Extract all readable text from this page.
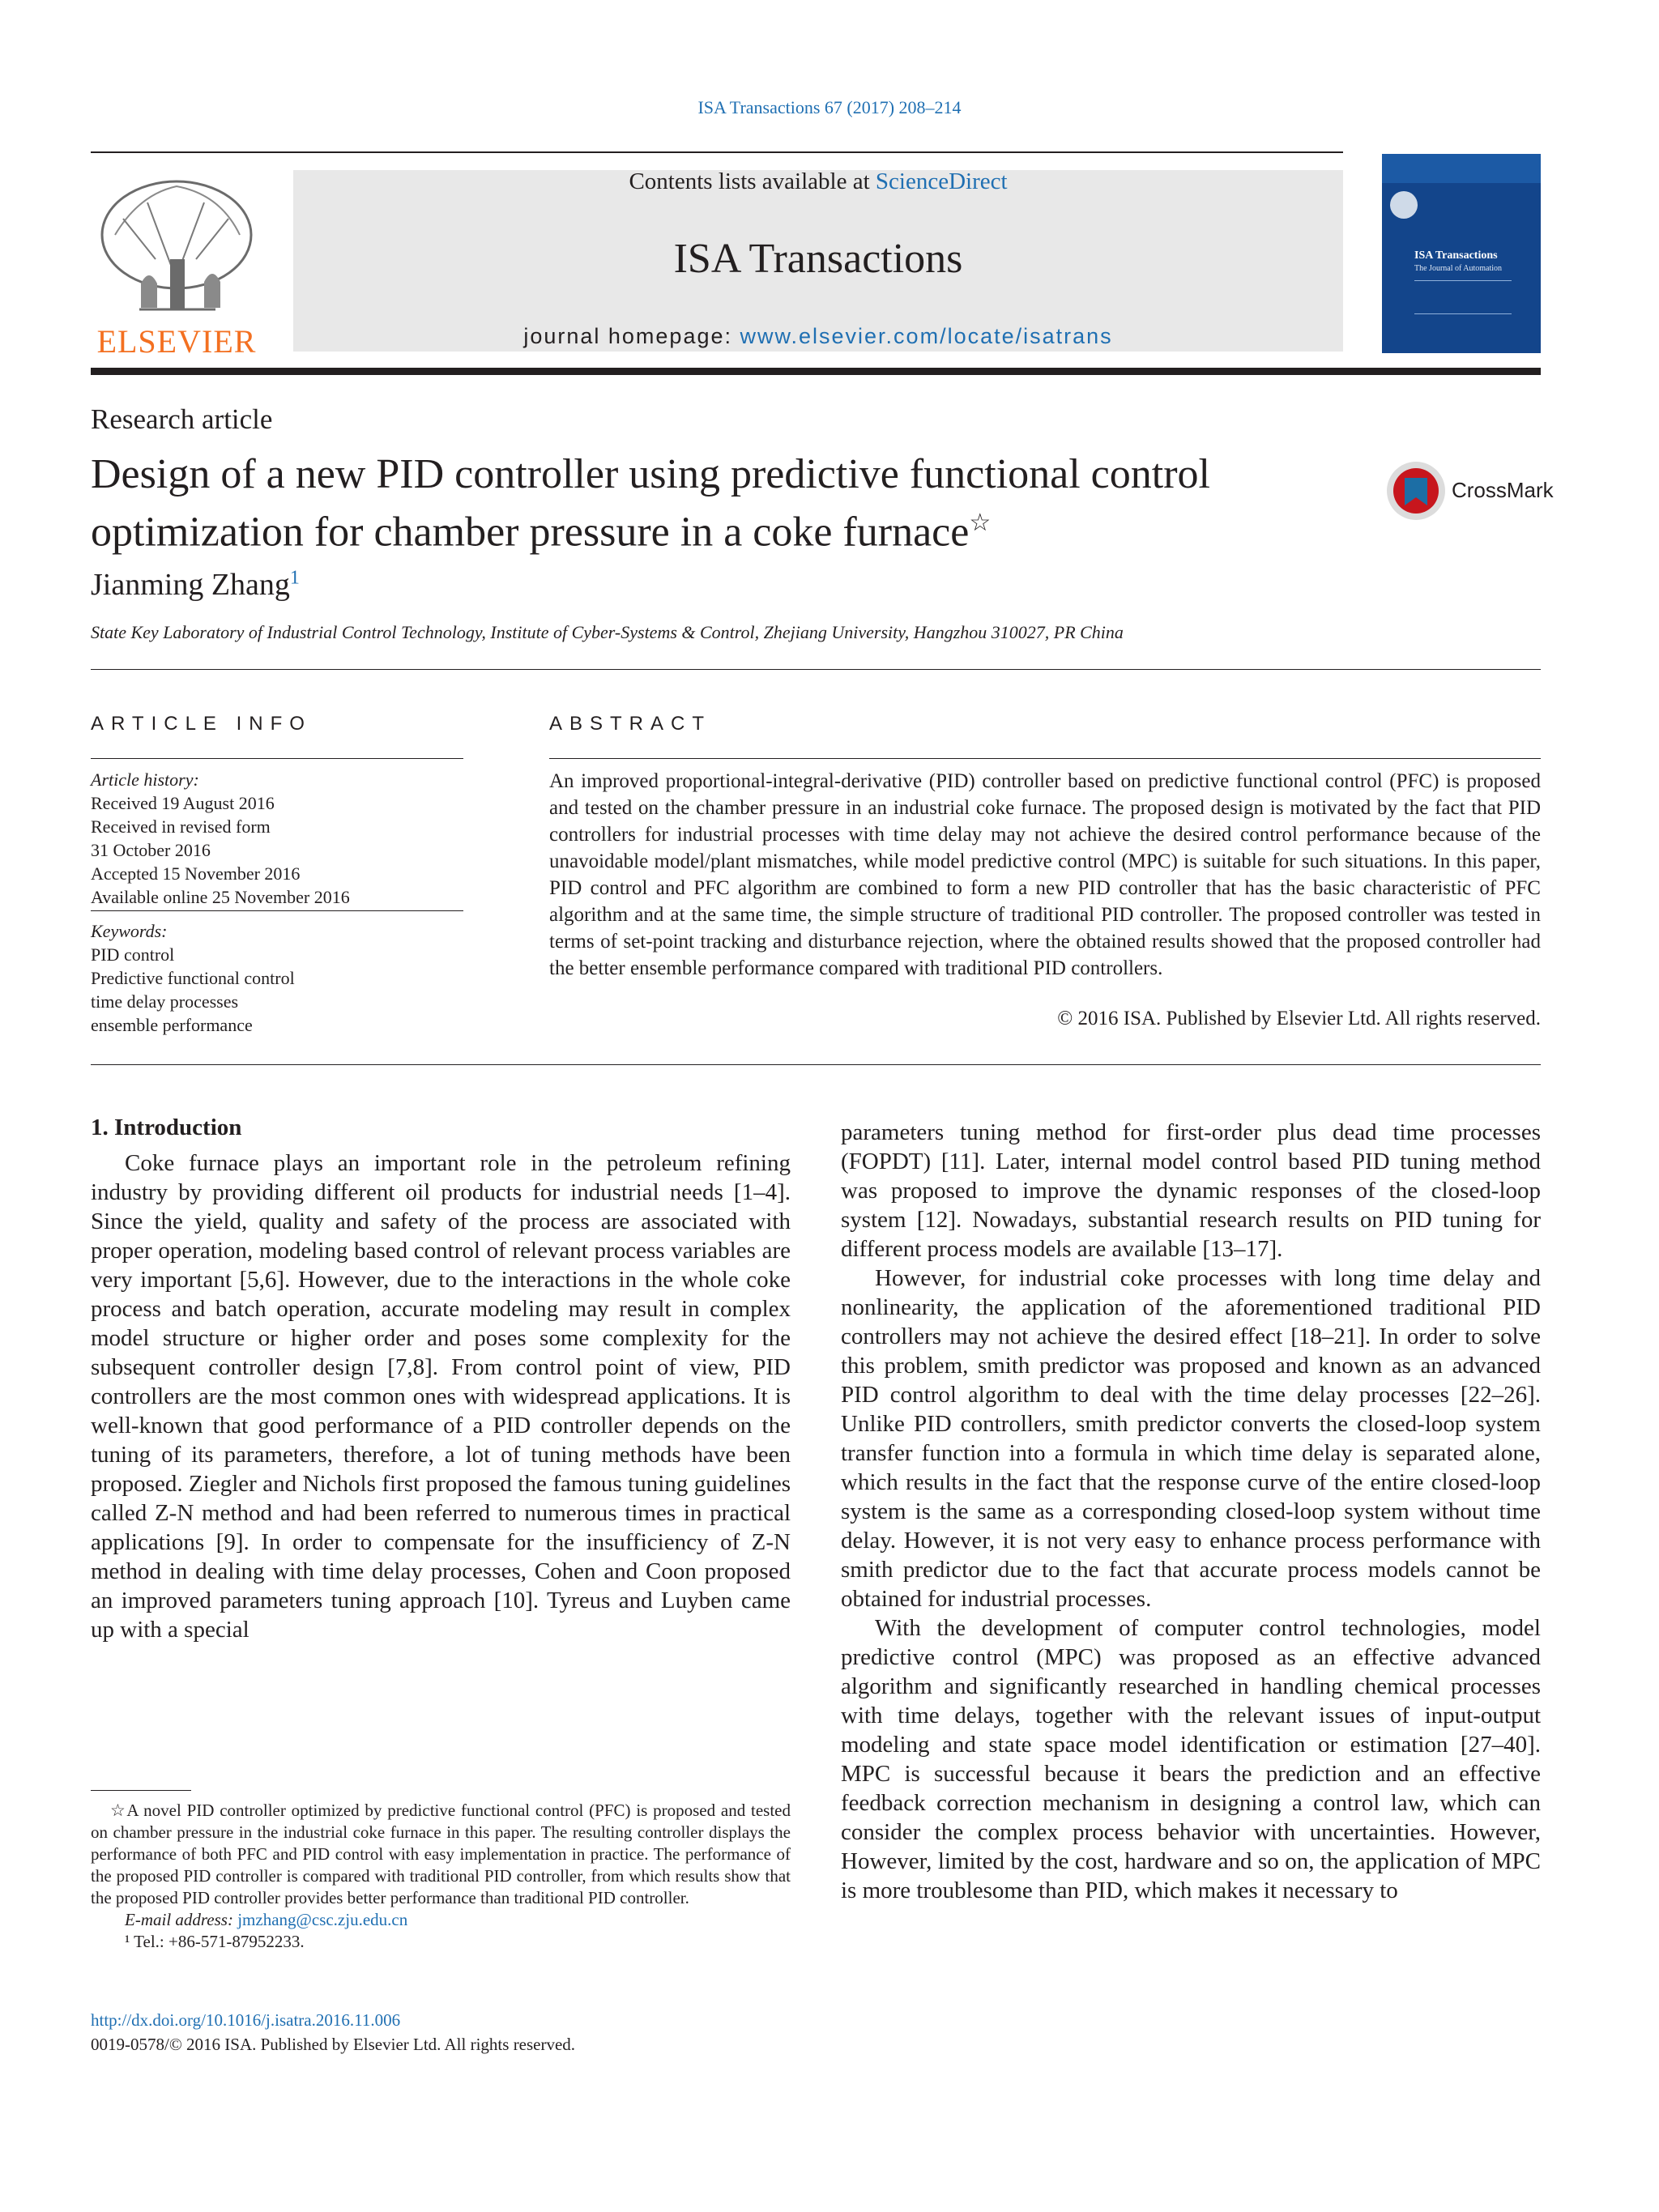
ISA Transactions 67 (2017) 208–214
Contents lists available at ScienceDirect
ISA Transactions
journal homepage: www.elsevier.com/locate/isatrans
ELSEVIER
ISA Transactions
The Journal of Automation
Research article
Design of a new PID controller using predictive functional control optimization for chamber pressure in a coke furnace☆
CrossMark
Jianming Zhang$^1$
State Key Laboratory of Industrial Control Technology, Institute of Cyber-Systems & Control, Zhejiang University, Hangzhou 310027, PR China
ARTICLE INFO
Article history:
Received 19 August 2016
Received in revised form
31 October 2016
Accepted 15 November 2016
Available online 25 November 2016
Keywords:
PID control
Predictive functional control
time delay processes
ensemble performance
ABSTRACT
An improved proportional-integral-derivative (PID) controller based on predictive functional control (PFC) is proposed and tested on the chamber pressure in an industrial coke furnace. The proposed design is motivated by the fact that PID controllers for industrial processes with time delay may not achieve the desired control performance because of the unavoidable model/plant mismatches, while model predictive control (MPC) is suitable for such situations. In this paper, PID control and PFC algorithm are combined to form a new PID controller that has the basic characteristic of PFC algorithm and at the same time, the simple structure of traditional PID controller. The proposed controller was tested in terms of set-point tracking and disturbance rejection, where the obtained results showed that the proposed controller had the better ensemble performance compared with traditional PID controllers.
© 2016 ISA. Published by Elsevier Ltd. All rights reserved.
1. Introduction

Coke furnace plays an important role in the petroleum refining industry by providing different oil products for industrial needs [1–4]. Since the yield, quality and safety of the process are associated with proper operation, modeling based control of relevant process variables are very important [5,6]. However, due to the interactions in the whole coke process and batch operation, accurate modeling may result in complex model structure or higher order and poses some complexity for the subsequent controller design [7,8]. From control point of view, PID controllers are the most common ones with widespread applications. It is well-known that good performance of a PID controller depends on the tuning of its parameters, therefore, a lot of tuning methods have been proposed. Ziegler and Nichols first proposed the famous tuning guidelines called Z-N method and had been referred to numerous times in practical applications [9]. In order to compensate for the insufficiency of Z-N method in dealing with time delay processes, Cohen and Coon proposed an improved parameters tuning approach [10]. Tyreus and Luyben came up with a special

parameters tuning method for first-order plus dead time processes (FOPDT) [11]. Later, internal model control based PID tuning method was proposed to improve the dynamic responses of the closed-loop system [12]. Nowadays, substantial research results on PID tuning for different process models are available [13–17].

However, for industrial coke processes with long time delay and nonlinearity, the application of the aforementioned traditional PID controllers may not achieve the desired effect [18–21]. In order to solve this problem, smith predictor was proposed and known as an advanced PID control algorithm to deal with the time delay processes [22–26]. Unlike PID controllers, smith predictor converts the closed-loop system transfer function into a formula in which time delay is separated alone, which results in the fact that the response curve of the entire closed-loop system is the same as a corresponding closed-loop system without time delay. However, it is not very easy to enhance process performance with smith predictor due to the fact that accurate process models cannot be obtained for industrial processes.

With the development of computer control technologies, model predictive control (MPC) was proposed as an effective advanced algorithm and significantly researched in handling chemical processes with time delays, together with the relevant issues of input-output modeling and state space model identification or estimation [27–40]. MPC is successful because it bears the prediction and an effective feedback correction mechanism in designing a control law, which can consider the complex process behavior with uncertainties. However, However, limited by the cost, hardware and so on, the application of MPC is more troublesome than PID, which makes it necessary to

☆A novel PID controller optimized by predictive functional control (PFC) is proposed and tested on chamber pressure in the industrial coke furnace in this paper. The resulting controller displays the performance of both PFC and PID control with easy implementation in practice. The performance of the proposed PID controller is compared with traditional PID controller, from which results show that the proposed PID controller provides better performance than traditional PID controller.
E-mail address: jmzhang@csc.zju.edu.cn
¹ Tel.: +86-571-87952233.
http://dx.doi.org/10.1016/j.isatra.2016.11.006
0019-0578/© 2016 ISA. Published by Elsevier Ltd. All rights reserved.
